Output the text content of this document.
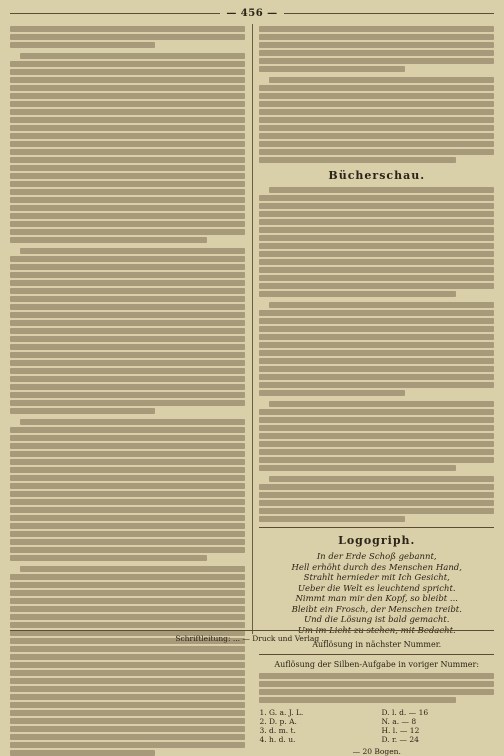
— 456 —
Bücherschau.
Logogriph.
In der Erde Schoß gebannt,
Hell erhöht durch des Menschen Hand,
Strahlt hernieder mit Ich Gesicht,
Ueber die Welt es leuchtend spricht.
Nimmt man mir den Kopf, so bleibt ...
Bleibt ein Frosch, der Menschen treibt.
Und die Lösung ist bald gemacht.
Um im Licht zu stehen, mit Bedacht.
Auflösung in nächster Nummer.
Auflösung der Silben-Aufgabe in voriger Nummer:
1. G. a. J. L.
2. D. p. A.
3. d. m. t.
4. h. d. u.
D. l. d. — 16
N. a. — 8
H. l. — 12
D. r. — 24
— 20 Bogen.
Schriftleitung: ... — Druck und Verlag ...
